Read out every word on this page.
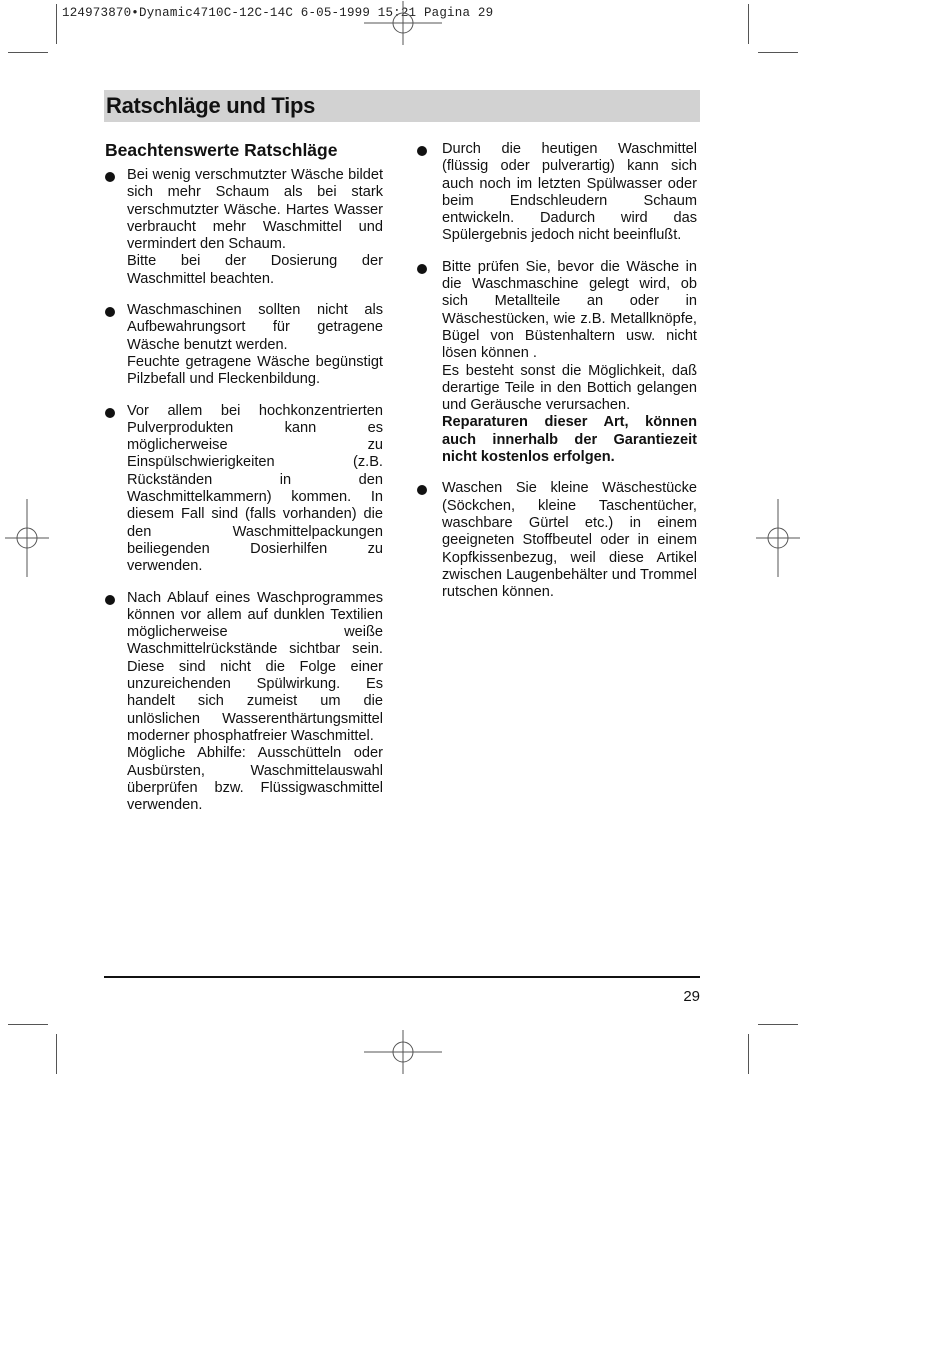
124973870•Dynamic4710C-12C-14C 6-05-1999 15:21 Pagina 29
Ratschläge und Tips
Beachtenswerte Ratschläge

Bei wenig verschmutzter Wäsche bildet sich mehr Schaum als bei stark verschmutzter Wäsche. Hartes Wasser verbraucht mehr Waschmittel und vermindert den Schaum.

Bitte bei der Dosierung der Waschmittel beachten.

Waschmaschinen sollten nicht als Aufbewahrungsort für getragene Wäsche benutzt werden.

Feuchte getragene Wäsche begünstigt Pilzbefall und Fleckenbildung.

Vor allem bei hochkonzentrierten Pulverprodukten kann es möglicherweise zu Einspülschwierigkeiten (z.B. Rückständen in den Waschmittelkammern) kommen. In diesem Fall sind (falls vorhanden) die den Waschmittelpackungen beiliegenden Dosierhilfen zu verwenden.

Nach Ablauf eines Waschprogrammes können vor allem auf dunklen Textilien möglicherweise weiße Waschmittelrückstände sichtbar sein. Diese sind nicht die Folge einer unzureichenden Spülwirkung. Es handelt sich zumeist um die unlöslichen Wasserenthärtungsmittel moderner phosphatfreier Waschmittel.

Mögliche Abhilfe: Ausschütteln oder Ausbürsten, Waschmittelauswahl überprüfen bzw. Flüssigwaschmittel verwenden.

Durch die heutigen Waschmittel (flüssig oder pulverartig) kann sich auch noch im letzten Spülwasser oder beim Endschleudern Schaum entwickeln. Dadurch wird das Spülergebnis jedoch nicht beeinflußt.

Bitte prüfen Sie, bevor die Wäsche in die Waschmaschine gelegt wird, ob sich Metallteile an oder in Wäschestücken, wie z.B. Metallknöpfe, Bügel von Büstenhaltern usw. nicht lösen können .

Es besteht sonst die Möglichkeit, daß derartige Teile in den Bottich gelangen und Geräusche verursachen.

Reparaturen dieser Art, können auch innerhalb der Garantiezeit nicht kostenlos erfolgen.

Waschen Sie kleine Wäschestücke (Söckchen, kleine Taschentücher, waschbare Gürtel etc.) in einem geeigneten Stoffbeutel oder in einem Kopfkissenbezug, weil diese Artikel zwischen Laugenbehälter und Trommel rutschen können.

29
